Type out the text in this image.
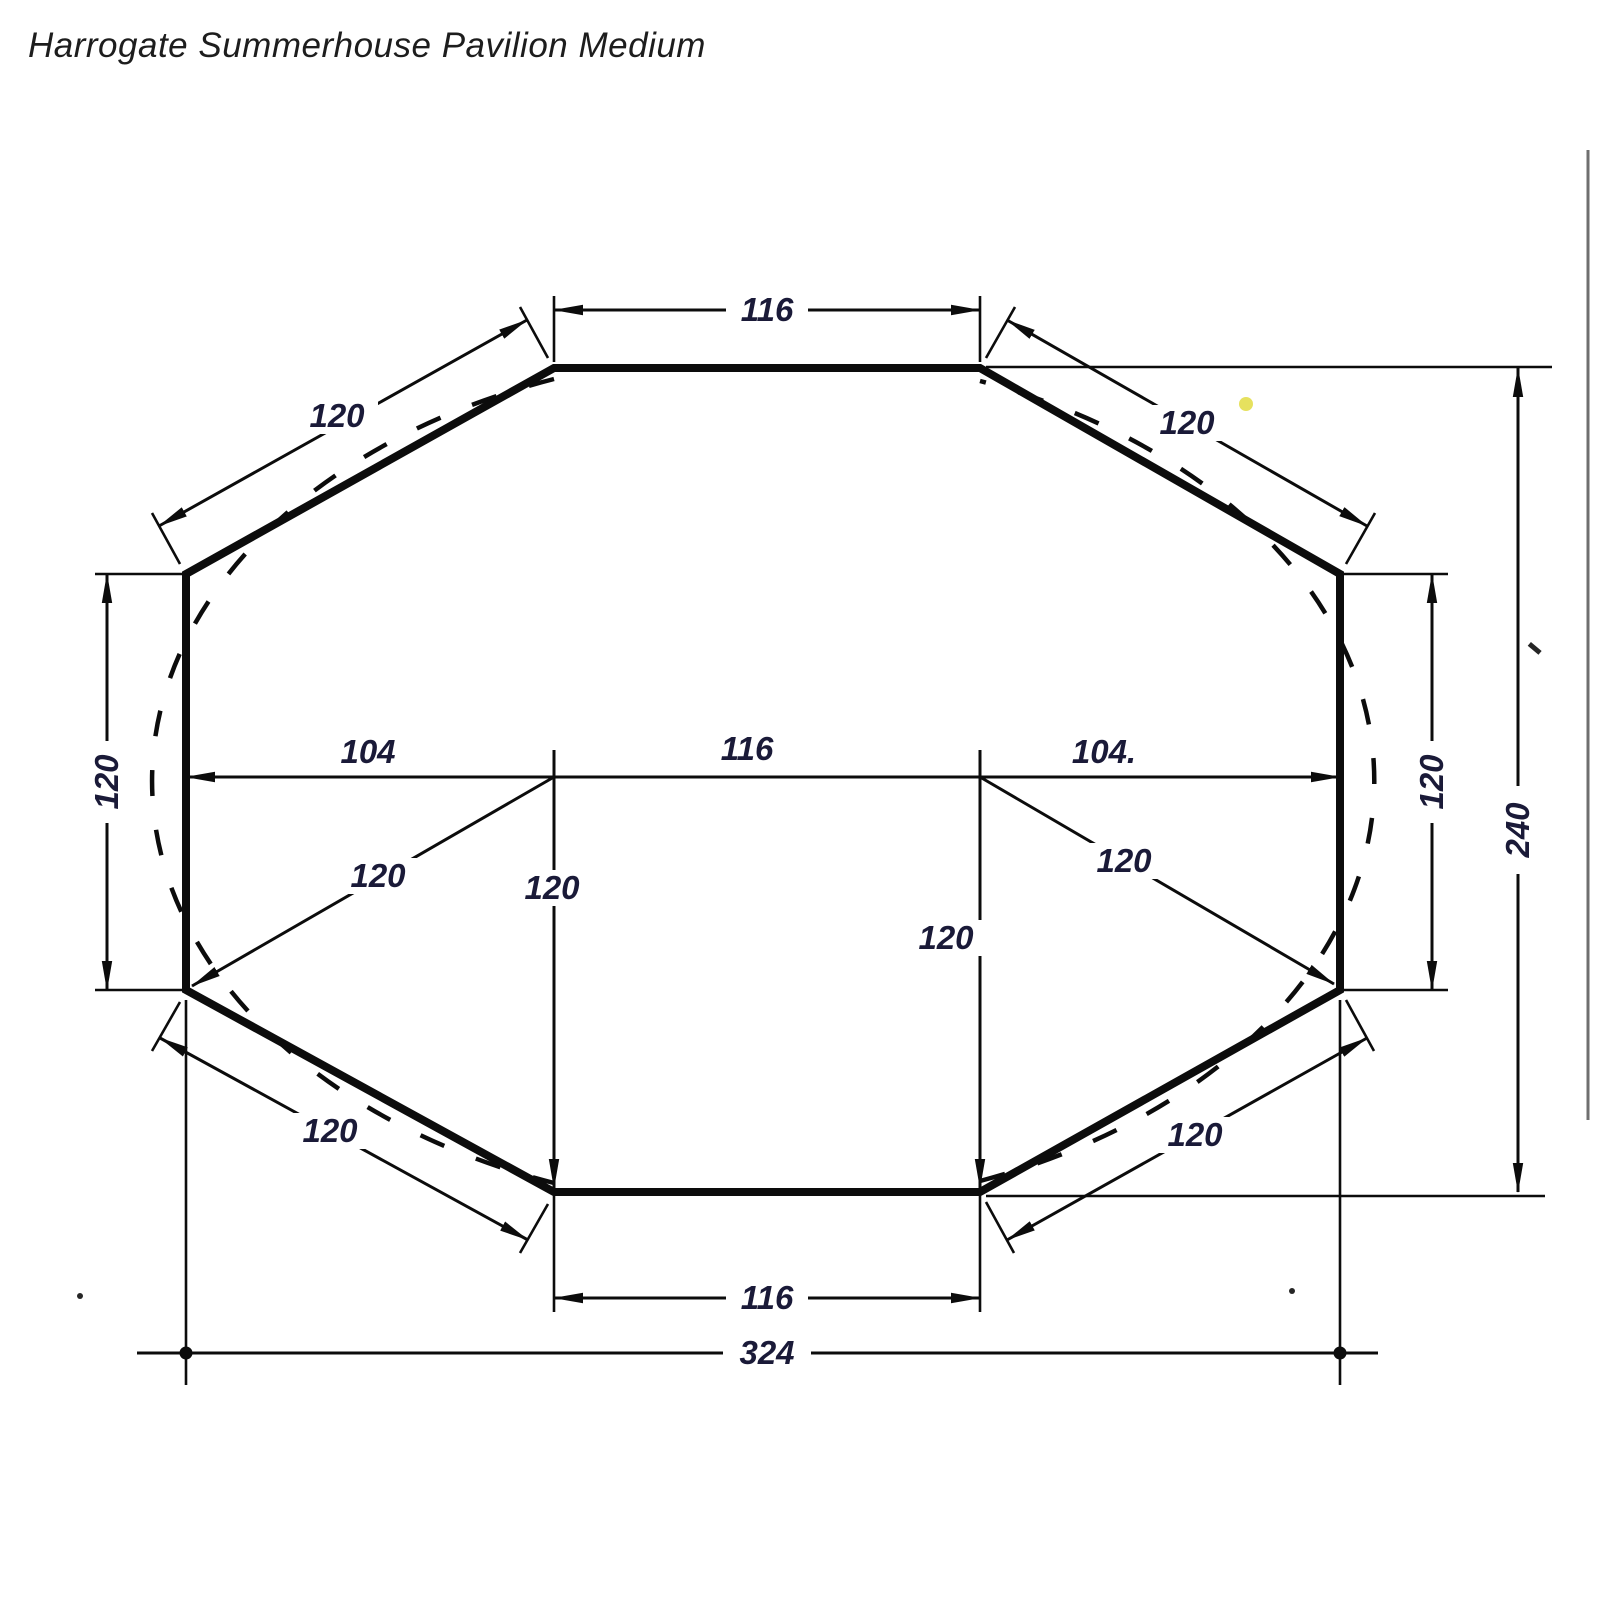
Harrogate Summerhouse Pavilion Medium
116
120	120
120	120
240
104	116	104.
120	120
120
120
120	120
116
324
